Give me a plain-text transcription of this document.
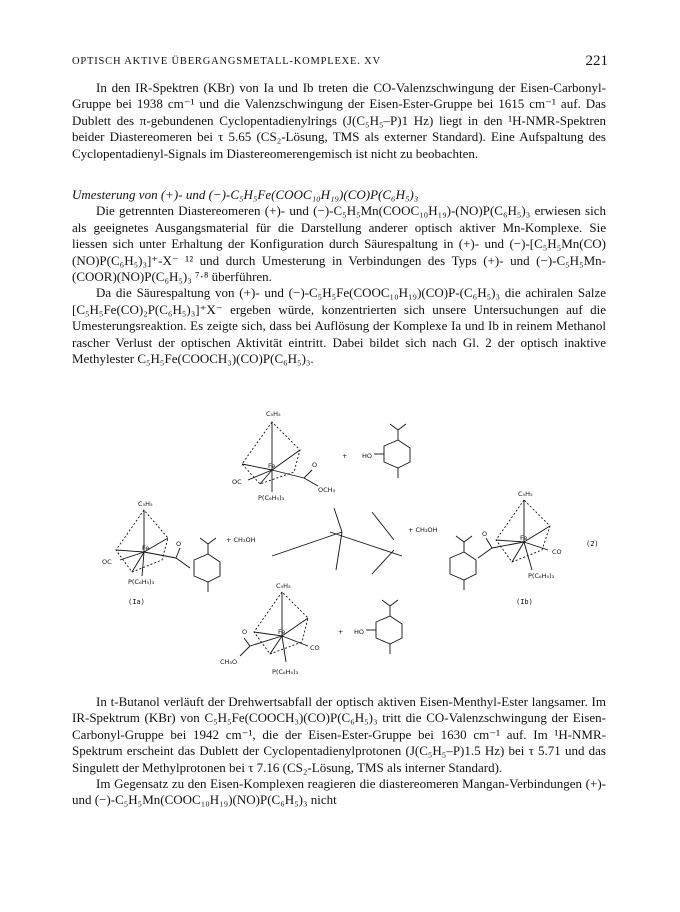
OPTISCH AKTIVE ÜBERGANGSMETALL-KOMPLEXE. XV	221

In den IR-Spektren (KBr) von Ia und Ib treten die CO-Valenzschwingung der Eisen-Carbonyl-Gruppe bei 1938 cm⁻¹ und die Valenzschwingung der Eisen-Ester-Gruppe bei 1615 cm⁻¹ auf. Das Dublett des π-gebundenen Cyclopentadienylrings (J(C₅H₅–P)1 Hz) liegt in den ¹H-NMR-Spektren beider Diastereomeren bei τ 5.65 (CS₂-Lösung, TMS als externer Standard). Eine Aufspaltung des Cyclopentadienyl-Signals im Diastereomerengemisch ist nicht zu beobachten.

Umesterung von (+)- und (−)-C₅H₅Fe(COOC₁₀H₁₉)(CO)P(C₆H₅)₃

Die getrennten Diastereomeren (+)- und (−)-C₅H₅Mn(COOC₁₀H₁₉)-(NO)P(C₆H₅)₃ erwiesen sich als geeignetes Ausgangsmaterial für die Darstellung anderer optisch aktiver Mn-Komplexe. Sie liessen sich unter Erhaltung der Konfiguration durch Säurespaltung in (+)- und (−)-[C₅H₅Mn(CO)(NO)P(C₆H₅)₃]⁺-X⁻ ¹² und durch Umesterung in Verbindungen des Typs (+)- und (−)-C₅H₅Mn-(COOR)(NO)P(C₆H₅)₃ ⁷·⁸ überführen.

Da die Säurespaltung von (+)- und (−)-C₅H₅Fe(COOC₁₀H₁₉)(CO)P-(C₆H₅)₃ die achiralen Salze [C₅H₅Fe(CO)₂P(C₆H₅)₃]⁺X⁻ ergeben würde, konzentrierten sich unsere Untersuchungen auf die Umesterungsreaktion. Es zeigte sich, dass bei Auflösung der Komplexe Ia und Ib in reinem Methanol rascher Verlust der optischen Aktivität eintritt. Dabei bildet sich nach Gl. 2 der optisch inaktive Methylester C₅H₅Fe(COOCH₃)(CO)P(C₆H₅)₃.

C₅H₅
Fe
OC
O
OCH₃
P(C₆H₅)₃
+ HO
C₅H₅
Fe
OC
O
P(C₆H₅)₃
+ CH₃OH
(Ia)
C₅H₅
Fe
CO
O
P(C₆H₅)₃
+ CH₃OH
(Ib)
(2)
C₅H₅
Fe
CO
O
CH₃O
P(C₆H₅)₃
+ HO

In t-Butanol verläuft der Drehwertsabfall der optisch aktiven Eisen-Menthyl-Ester langsamer. Im IR-Spektrum (KBr) von C₅H₅Fe(COOCH₃)(CO)P(C₆H₅)₃ tritt die CO-Valenzschwingung der Eisen-Carbonyl-Gruppe bei 1942 cm⁻¹, die der Eisen-Ester-Gruppe bei 1630 cm⁻¹ auf. Im ¹H-NMR-Spektrum erscheint das Dublett der Cyclopentadienylprotonen (J(C₅H₅–P)1.5 Hz) bei τ 5.71 und das Singulett der Methylprotonen bei τ 7.16 (CS₂-Lösung, TMS als interner Standard).

Im Gegensatz zu den Eisen-Komplexen reagieren die diastereomeren Mangan-Verbindungen (+)- und (−)-C₅H₅Mn(COOC₁₀H₁₉)(NO)P(C₆H₅)₃ nicht
